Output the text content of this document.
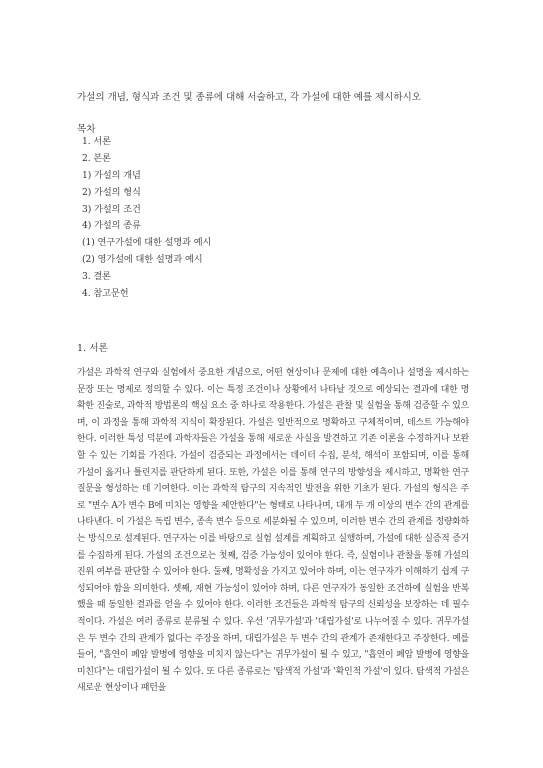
가설의 개념, 형식과 조건 및 종류에 대해 서술하고, 각 가설에 대한 예를 제시하시오
목차
1. 서론
2. 본론
1) 가설의 개념
2) 가설의 형식
3) 가설의 조건
4) 가설의 종류
(1) 연구가설에 대한 설명과 예시
(2) 영가설에 대한 설명과 예시
3. 결론
4. 참고문헌
1. 서론

가설은 과학적 연구와 실험에서 중요한 개념으로, 어떤 현상이나 문제에 대한 예측이나 설명을 제시하는 문장 또는 명제로 정의할 수 있다. 이는 특정 조건이나 상황에서 나타날 것으로 예상되는 결과에 대한 명확한 진술로, 과학적 방법론의 핵심 요소 중 하나로 작용한다. 가설은 관찰 및 실험을 통해 검증할 수 있으며, 이 과정을 통해 과학적 지식이 확장된다. 가설은 일반적으로 명확하고 구체적이며, 테스트 가능해야 한다. 이러한 특성 덕분에 과학자들은 가설을 통해 새로운 사실을 발견하고 기존 이론을 수정하거나 보완할 수 있는 기회를 가진다. 가설이 검증되는 과정에서는 데이터 수집, 분석, 해석이 포함되며, 이를 통해 가설이 옳거나 틀린지를 판단하게 된다. 또한, 가설은 이를 통해 연구의 방향성을 제시하고, 명확한 연구 질문을 형성하는 데 기여한다. 이는 과학적 탐구의 지속적인 발전을 위한 기초가 된다. 가설의 형식은 주로 "변수 A가 변수 B에 미치는 영향을 제안한다"는 형태로 나타나며, 대개 두 개 이상의 변수 간의 관계를 나타낸다. 이 가설은 독립 변수, 종속 변수 등으로 세분화될 수 있으며, 이러한 변수 간의 관계를 정량화하는 방식으로 설계된다. 연구자는 이를 바탕으로 실험 설계를 계획하고 실행하며, 가설에 대한 실증적 증거를 수집하게 된다. 가설의 조건으로는 첫째, 검증 가능성이 있어야 한다. 즉, 실험이나 관찰을 통해 가설의 진위 여부를 판단할 수 있어야 한다. 둘째, 명확성을 가지고 있어야 하며, 이는 연구자가 이해하기 쉽게 구성되어야 함을 의미한다. 셋째, 재현 가능성이 있어야 하며, 다른 연구자가 동일한 조건하에 실험을 반복했을 때 동일한 결과를 얻을 수 있어야 한다. 이러한 조건들은 과학적 탐구의 신뢰성을 보장하는 데 필수적이다. 가설은 여러 종류로 분류될 수 있다. 우선 '귀무가설'과 '대립가설'로 나누어질 수 있다. 귀무가설은 두 변수 간의 관계가 없다는 주장을 하며, 대립가설은 두 변수 간의 관계가 존재한다고 주장한다. 예를 들어, "흡연이 폐암 발병에 영향을 미치지 않는다"는 귀무가설이 될 수 있고, "흡연이 폐암 발병에 영향을 미친다"는 대립가설이 될 수 있다. 또 다른 종류로는 '탐색적 가설'과 '확인적 가설'이 있다. 탐색적 가설은 새로운 현상이나 패턴을
